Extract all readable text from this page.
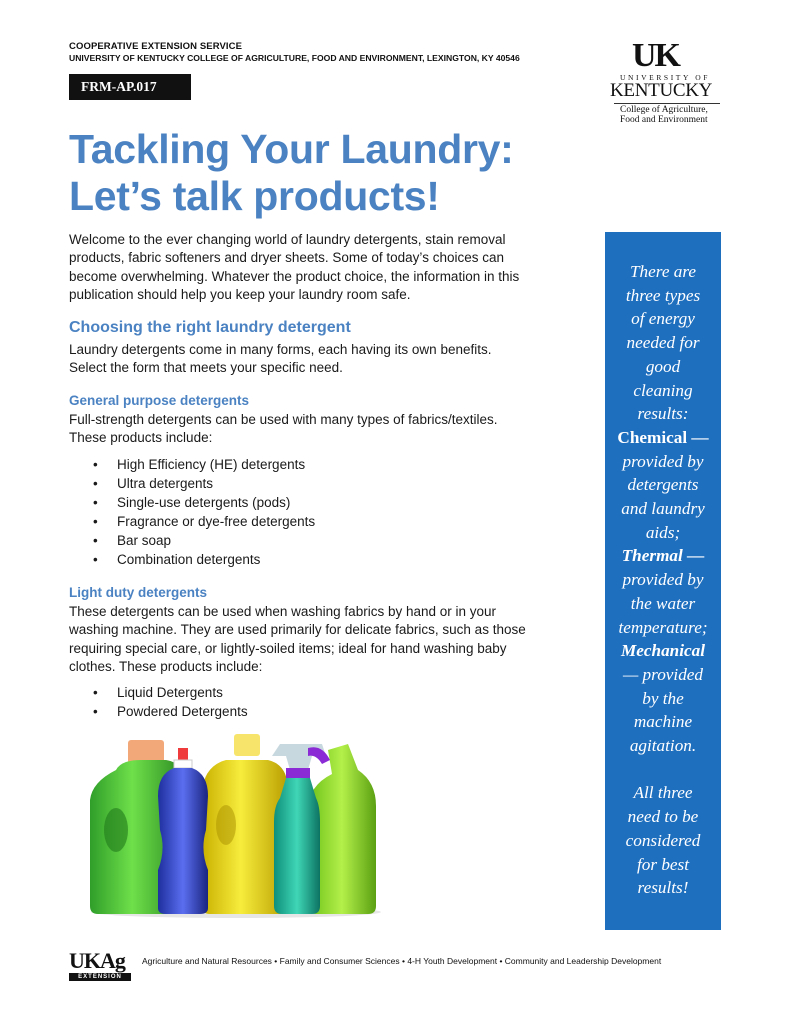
COOPERATIVE EXTENSION SERVICE
UNIVERSITY OF KENTUCKY COLLEGE OF AGRICULTURE, FOOD AND ENVIRONMENT, LEXINGTON, KY 40546
FRM-AP.017
UK
UNIVERSITY OF
KENTUCKY
College of Agriculture,
Food and Environment
Tackling Your Laundry:
Let’s talk products!
Welcome to the ever changing world of laundry detergents, stain removal
products, fabric softeners and dryer sheets. Some of today’s choices can
become overwhelming. Whatever the product choice, the information in this
publication should help you keep your laundry room safe.
Choosing the right laundry detergent
Laundry detergents come in many forms, each having its own benefits.
Select the form that meets your specific need.
General purpose detergents
Full-strength detergents can be used with many types of fabrics/textiles.
These products include:
• High Efficiency (HE) detergents
• Ultra detergents
• Single-use detergents (pods)
• Fragrance or dye-free detergents
• Bar soap
• Combination detergents
Light duty detergents
These detergents can be used when washing fabrics by hand or in your
washing machine. They are used primarily for delicate fabrics, such as those
requiring special care, or lightly-soiled items; ideal for hand washing baby
clothes. These products include:
• Liquid Detergents
• Powdered Detergents
There are
three types
of energy
needed for
good
cleaning
results:
Chemical —
provided by
detergents
and laundry
aids;
Thermal —
provided by
the water
temperature;
Mechanical
— provided
by the
machine
agitation.
All three
need to be
considered
for best
results!
UKAg
EXTENSION
Agriculture and Natural Resources • Family and Consumer Sciences • 4-H Youth Development • Community and Leadership Development
